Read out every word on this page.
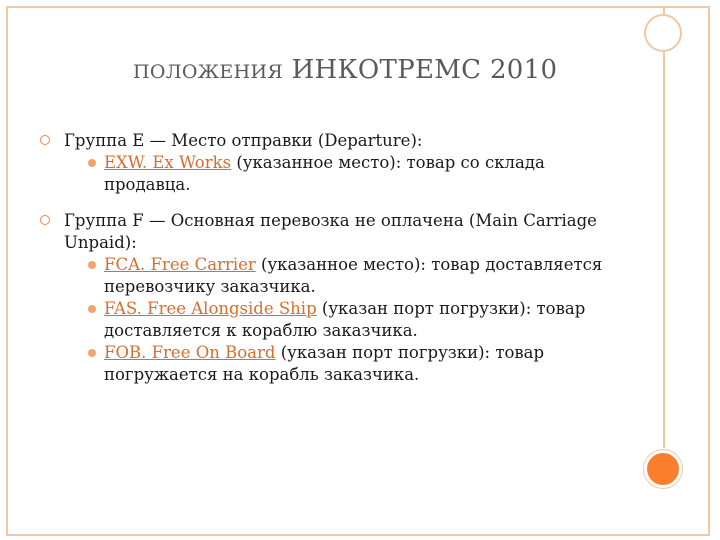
ПОЛОЖЕНИЯ ИНКОТРЕМС 2010

Группа E — Место отправки (Departure):

EXW. Ex Works (указанное место): товар со склада продавца.

Группа F — Основная перевозка не оплачена (Main Carriage Unpaid):

FCA. Free Carrier (указанное место): товар доставляется перевозчику заказчика.
FAS. Free Alongside Ship (указан порт погрузки): товар доставляется к кораблю заказчика.
FOB. Free On Board (указан порт погрузки): товар погружается на корабль заказчика.
